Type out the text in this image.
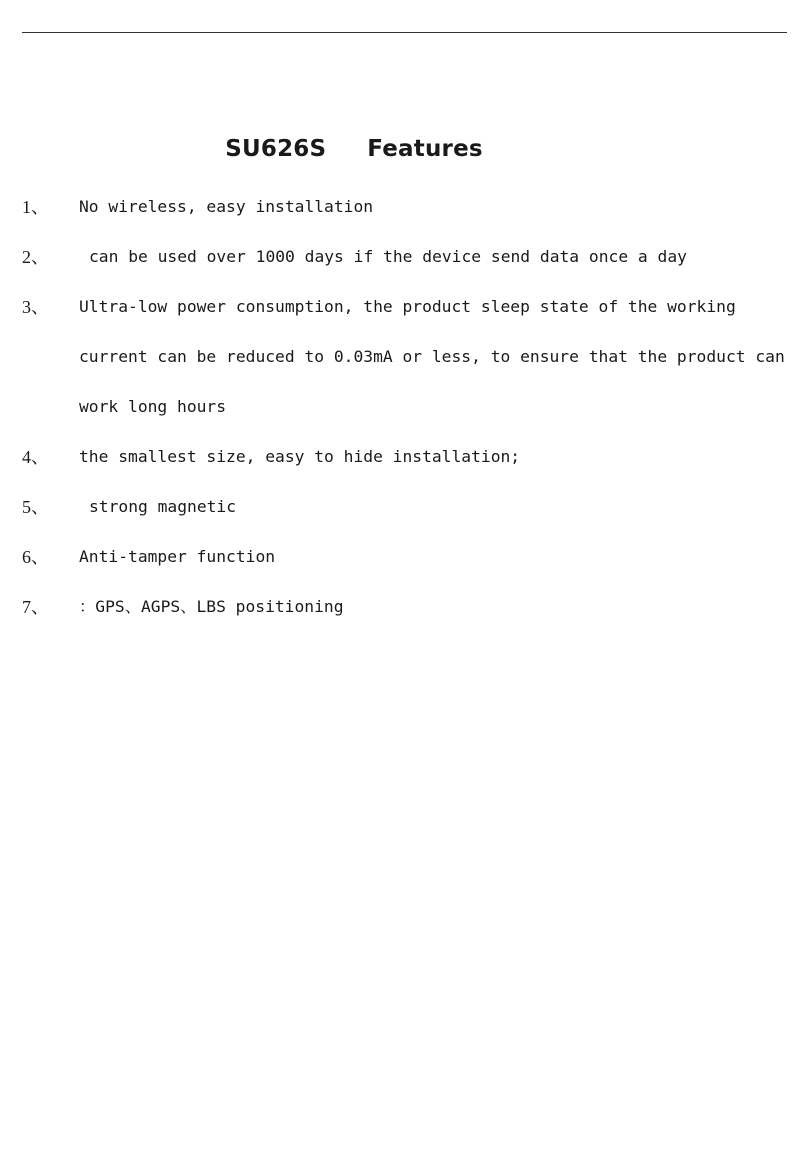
SU626S     Features
1、 No wireless, easy installation
2、 can be used over 1000 days if the device send data once a day
3、 Ultra-low power consumption, the product sleep state of the working current can be reduced to 0.03mA or less, to ensure that the product can work long hours
4、 the smallest size, easy to hide installation;
5、 strong magnetic
6、 Anti-tamper function
7、 ：GPS、AGPS、LBS positioning
